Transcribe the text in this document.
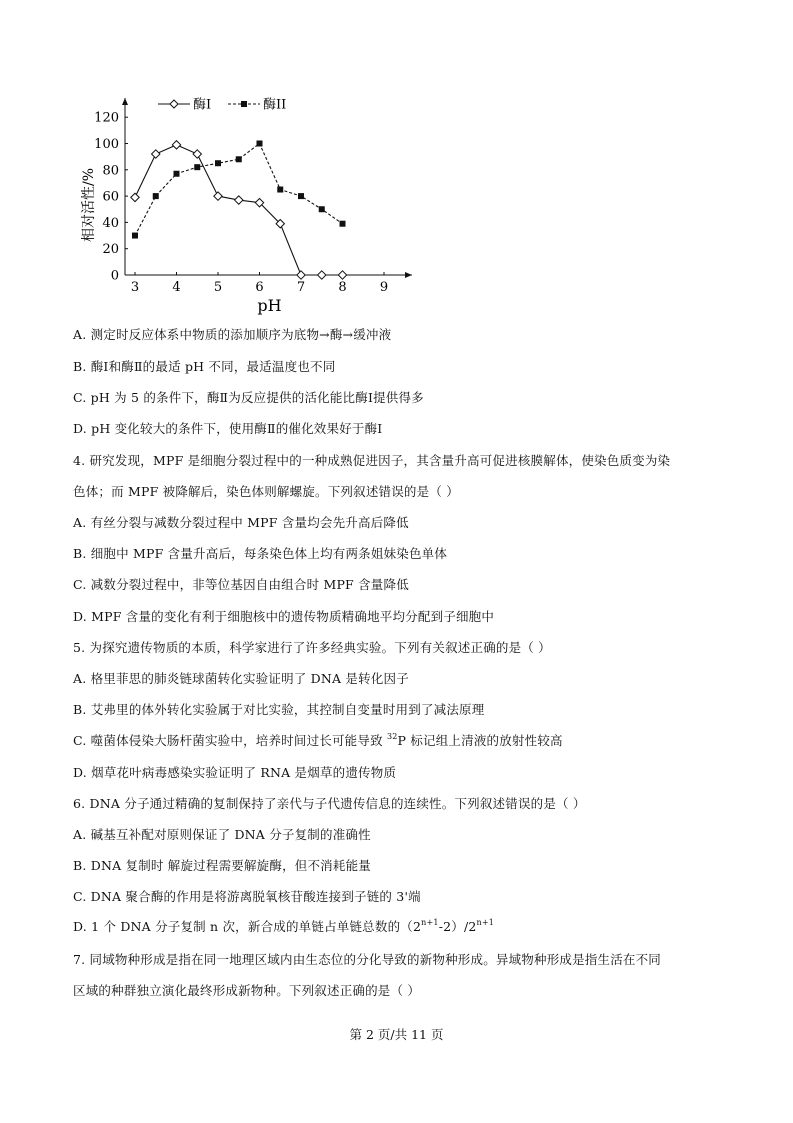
3	4	5	6	7	8	9
0
20
40
60
80
100
120
pH
相对活性/%
酶I	酶II
A. 测定时反应体系中物质的添加顺序为底物→酶→缓冲液
B. 酶Ⅰ和酶Ⅱ的最适 pH 不同，最适温度也不同
C. pH 为 5 的条件下，酶Ⅱ为反应提供的活化能比酶Ⅰ提供得多
D. pH 变化较大的条件下，使用酶Ⅱ的催化效果好于酶Ⅰ
4. 研究发现，MPF 是细胞分裂过程中的一种成熟促进因子，其含量升高可促进核膜解体，使染色质变为染
色体；而 MPF 被降解后，染色体则解螺旋。下列叙述错误的是（ ）
A. 有丝分裂与减数分裂过程中 MPF 含量均会先升高后降低
B. 细胞中 MPF 含量升高后，每条染色体上均有两条姐妹染色单体
C. 减数分裂过程中，非等位基因自由组合时 MPF 含量降低
D. MPF 含量的变化有利于细胞核中的遗传物质精确地平均分配到子细胞中
5. 为探究遗传物质的本质，科学家进行了许多经典实验。下列有关叙述正确的是（ ）
A. 格里菲思的肺炎链球菌转化实验证明了 DNA 是转化因子
B. 艾弗里的体外转化实验属于对比实验，其控制自变量时用到了减法原理
C. 噬菌体侵染大肠杆菌实验中，培养时间过长可能导致 $^{32}$P 标记组上清液的放射性较高
D. 烟草花叶病毒感染实验证明了 RNA 是烟草的遗传物质
6. DNA 分子通过精确的复制保持了亲代与子代遗传信息的连续性。下列叙述错误的是（ ）
A. 碱基互补配对原则保证了 DNA 分子复制的准确性
B. DNA 复制时 解旋过程需要解旋酶，但不消耗能量
C. DNA 聚合酶的作用是将游离脱氧核苷酸连接到子链的 3'端
D. 1 个 DNA 分子复制 n 次，新合成的单链占单链总数的$(2^{n+1}-2)/2^{n+1}$
7. 同域物种形成是指在同一地理区域内由生态位的分化导致的新物种形成。异域物种形成是指生活在不同
区域的种群独立演化最终形成新物种。下列叙述正确的是（ ）
第 2 页/共 11 页
